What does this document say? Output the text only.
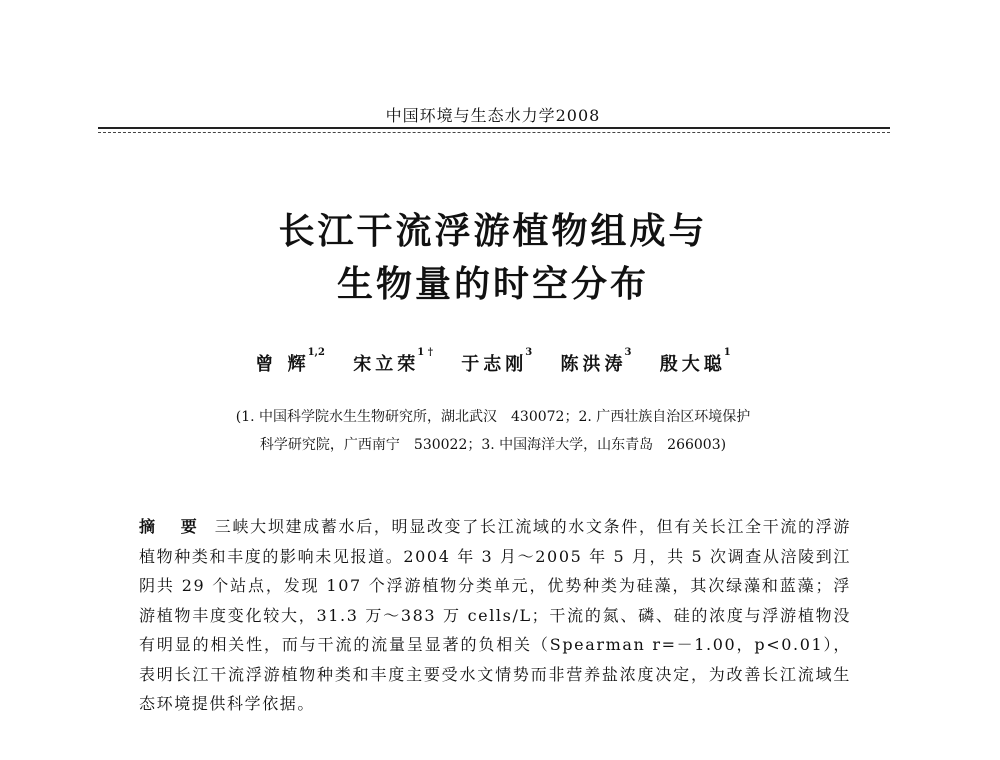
中国环境与生态水力学2008
长江干流浮游植物组成与
生物量的时空分布
曾 辉$^{1,2}$ 宋立荣$^{1 \dagger}$ 于志刚$^3$ 陈洪涛$^3$ 殷大聪$^1$
(1. 中国科学院水生生物研究所，湖北武汉　430072；2. 广西壮族自治区环境保护
科学研究院，广西南宁　530022；3. 中国海洋大学，山东青岛　266003)
摘 要 三峡大坝建成蓄水后，明显改变了长江流域的水文条件，但有关长江全干流的浮游植物种类和丰度的影响未见报道。2004 年 3 月～2005 年 5 月，共 5 次调查从涪陵到江阴共 29 个站点，发现 107 个浮游植物分类单元，优势种类为硅藻，其次绿藻和蓝藻；浮游植物丰度变化较大，31.3 万～383 万 cells/L；干流的氮、磷、硅的浓度与浮游植物没有明显的相关性，而与干流的流量呈显著的负相关（Spearman r=－1.00，p<0.01），表明长江干流浮游植物种类和丰度主要受水文情势而非营养盐浓度决定，为改善长江流域生态环境提供科学依据。
